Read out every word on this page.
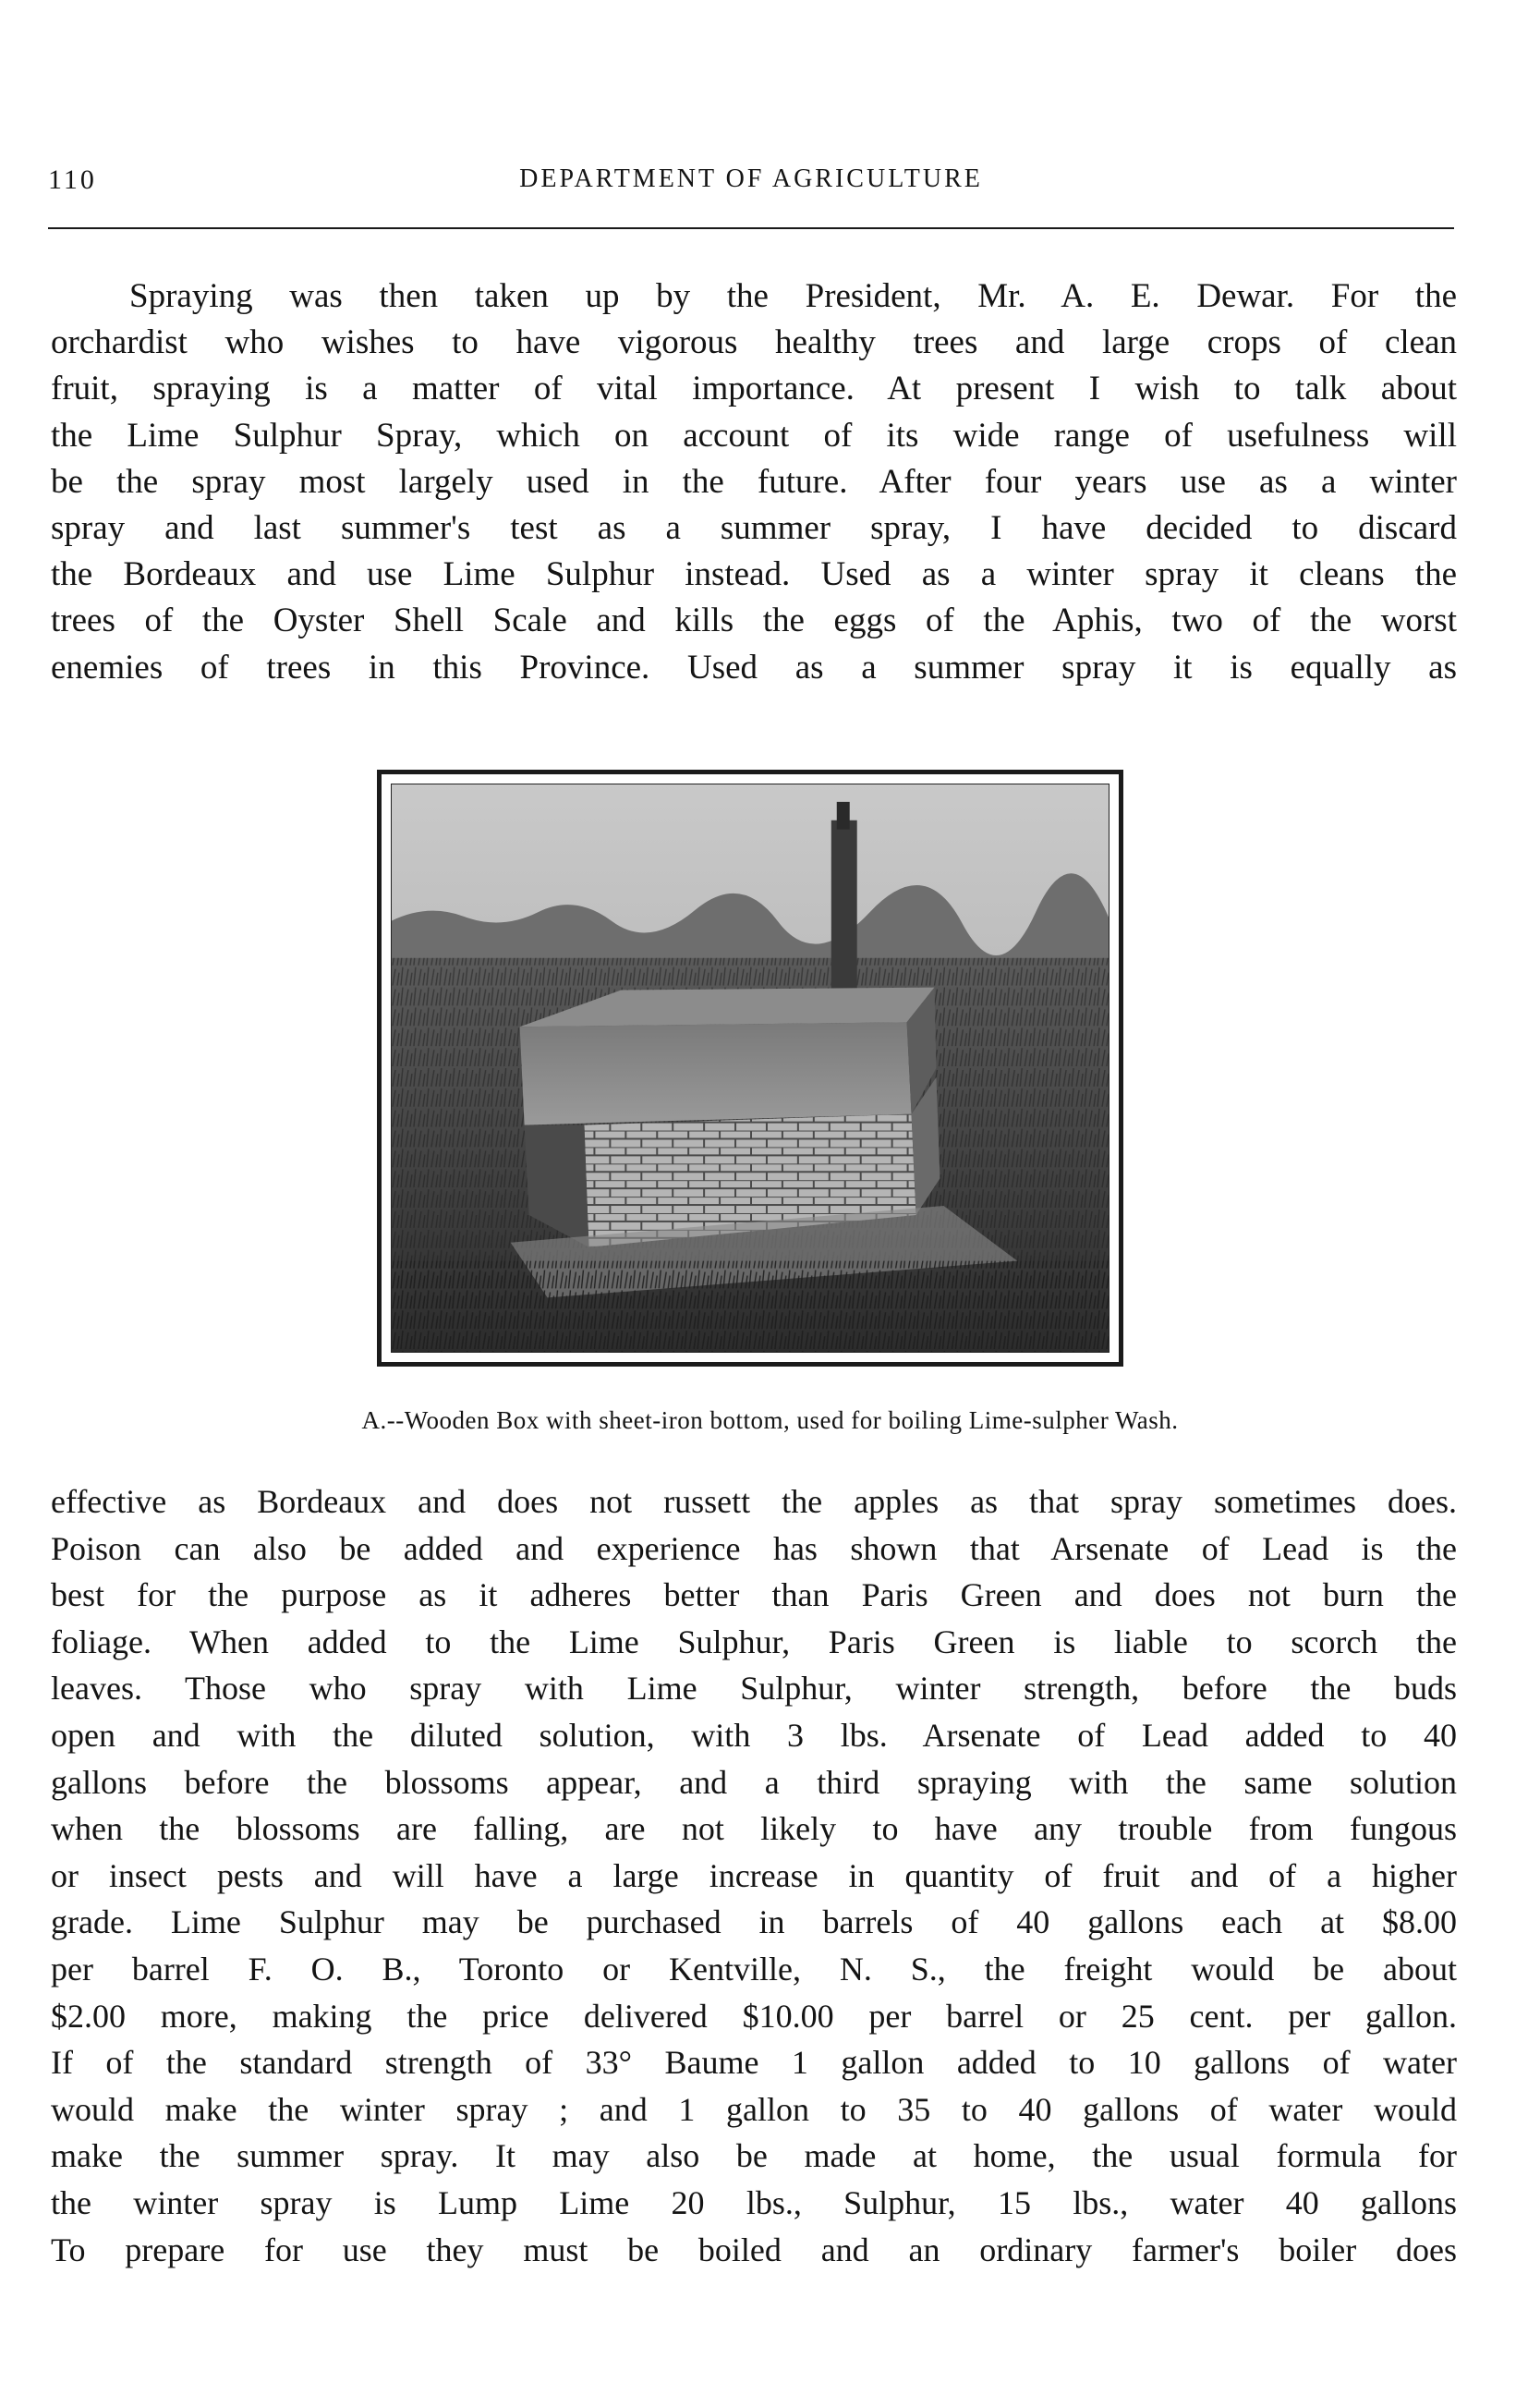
110	DEPARTMENT OF AGRICULTURE

Spraying was then taken up by the President, Mr. A. E. Dewar. For the
orchardist who wishes to have vigorous healthy trees and large crops of clean
fruit, spraying is a matter of vital importance. At present I wish to talk about
the Lime Sulphur Spray, which on account of its wide range of usefulness will
be the spray most largely used in the future. After four years use as a winter
spray and last summer's test as a summer spray, I have decided to discard
the Bordeaux and use Lime Sulphur instead. Used as a winter spray it cleans the
trees of the Oyster Shell Scale and kills the eggs of the Aphis, two of the worst
enemies of trees in this Province. Used as a summer spray it is equally as

A.--Wooden Box with sheet-iron bottom, used for boiling Lime-sulpher Wash.

effective as Bordeaux and does not russett the apples as that spray sometimes does.
Poison can also be added and experience has shown that Arsenate of Lead is the
best for the purpose as it adheres better than Paris Green and does not burn the
foliage. When added to the Lime Sulphur, Paris Green is liable to scorch the
leaves. Those who spray with Lime Sulphur, winter strength, before the buds
open and with the diluted solution, with 3 lbs. Arsenate of Lead added to 40
gallons before the blossoms appear, and a third spraying with the same solution
when the blossoms are falling, are not likely to have any trouble from fungous
or insect pests and will have a large increase in quantity of fruit and of a higher
grade. Lime Sulphur may be purchased in barrels of 40 gallons each at $8.00
per barrel F. O. B., Toronto or Kentville, N. S., the freight would be about
$2.00 more, making the price delivered $10.00 per barrel or 25 cent. per gallon.
If of the standard strength of 33° Baume 1 gallon added to 10 gallons of water
would make the winter spray ; and 1 gallon to 35 to 40 gallons of water would
make the summer spray. It may also be made at home, the usual formula for
the winter spray is Lump Lime 20 lbs., Sulphur, 15 lbs., water 40 gallons
To prepare for use they must be boiled and an ordinary farmer's boiler does
